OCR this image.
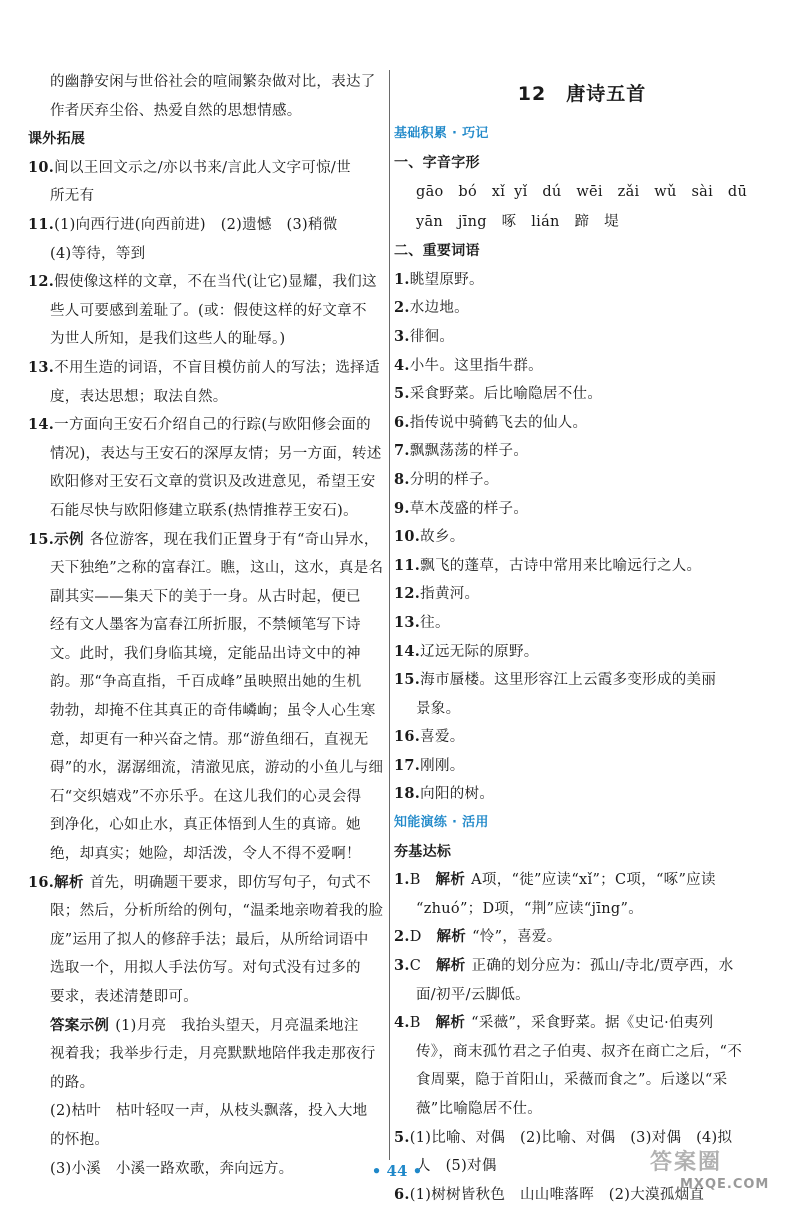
的幽静安闲与世俗社会的喧闹繁杂做对比，表达了
作者厌弃尘俗、热爱自然的思想情感。
课外拓展
10.间以王回文示之/亦以书来/言此人文字可惊/世
所无有
11.(1)向西行进(向西前进)　(2)遗憾　(3)稍微
(4)等待，等到
12.假使像这样的文章，不在当代(让它)显耀，我们这
些人可要感到羞耻了。(或：假使这样的好文章不
为世人所知，是我们这些人的耻辱。)
13.不用生造的词语，不盲目模仿前人的写法；选择适
度，表达思想；取法自然。
14.一方面向王安石介绍自己的行踪(与欧阳修会面的
情况)，表达与王安石的深厚友情；另一方面，转述
欧阳修对王安石文章的赏识及改进意见，希望王安
石能尽快与欧阳修建立联系(热情推荐王安石)。
15.示例 各位游客，现在我们正置身于有“奇山异水，
天下独绝”之称的富春江。瞧，这山，这水，真是名
副其实——集天下的美于一身。从古时起，便已
经有文人墨客为富春江所折服，不禁倾笔写下诗
文。此时，我们身临其境，定能品出诗文中的神
韵。那“争高直指，千百成峰”虽映照出她的生机
勃勃，却掩不住其真正的奇伟嶙峋；虽令人心生寒
意，却更有一种兴奋之情。那“游鱼细石，直视无
碍”的水，潺潺细流，清澈见底，游动的小鱼儿与细
石“交织嬉戏”不亦乐乎。在这儿我们的心灵会得
到净化，心如止水，真正体悟到人生的真谛。她
绝，却真实；她险，却活泼，令人不得不爱啊！
16.解析 首先，明确题干要求，即仿写句子，句式不
限；然后，分析所给的例句，“温柔地亲吻着我的脸
庞”运用了拟人的修辞手法；最后，从所给词语中
选取一个，用拟人手法仿写。对句式没有过多的
要求，表述清楚即可。
答案示例 (1)月亮　我抬头望天，月亮温柔地注
视着我；我举步行走，月亮默默地陪伴我走那夜行
的路。
(2)枯叶　枯叶轻叹一声，从枝头飘落，投入大地
的怀抱。
(3)小溪　小溪一路欢歌，奔向远方。
12　唐诗五首
基础积累 · 巧记
一、字音字形
gāo　bó　xǐ yǐ　dú　wēi　zǎi　wǔ　sài　dū
yān　jīng　啄　lián　蹄　堤
二、重要词语
1.眺望原野。
2.水边地。
3.徘徊。
4.小牛。这里指牛群。
5.采食野菜。后比喻隐居不仕。
6.指传说中骑鹤飞去的仙人。
7.飘飘荡荡的样子。
8.分明的样子。
9.草木茂盛的样子。
10.故乡。
11.飘飞的蓬草，古诗中常用来比喻远行之人。
12.指黄河。
13.往。
14.辽远无际的原野。
15.海市蜃楼。这里形容江上云霞多变形成的美丽
景象。
16.喜爱。
17.刚刚。
18.向阳的树。
知能演练 · 活用
夯基达标
1.B　解析 A项，“徙”应读“xǐ”；C项，“啄”应读
“zhuó”；D项，“荆”应读“jīng”。
2.D　解析 “怜”，喜爱。
3.C　解析 正确的划分应为：孤山/寺北/贾亭西，水
面/初平/云脚低。
4.B　解析 “采薇”，采食野菜。据《史记·伯夷列
传》，商末孤竹君之子伯夷、叔齐在商亡之后，“不
食周粟，隐于首阳山，采薇而食之”。后遂以“采
薇”比喻隐居不仕。
5.(1)比喻、对偶　(2)比喻、对偶　(3)对偶　(4)拟
人　(5)对偶
6.(1)树树皆秋色　山山唯落晖　(2)大漠孤烟直
• 44 •	答案圈
MXQE.COM
